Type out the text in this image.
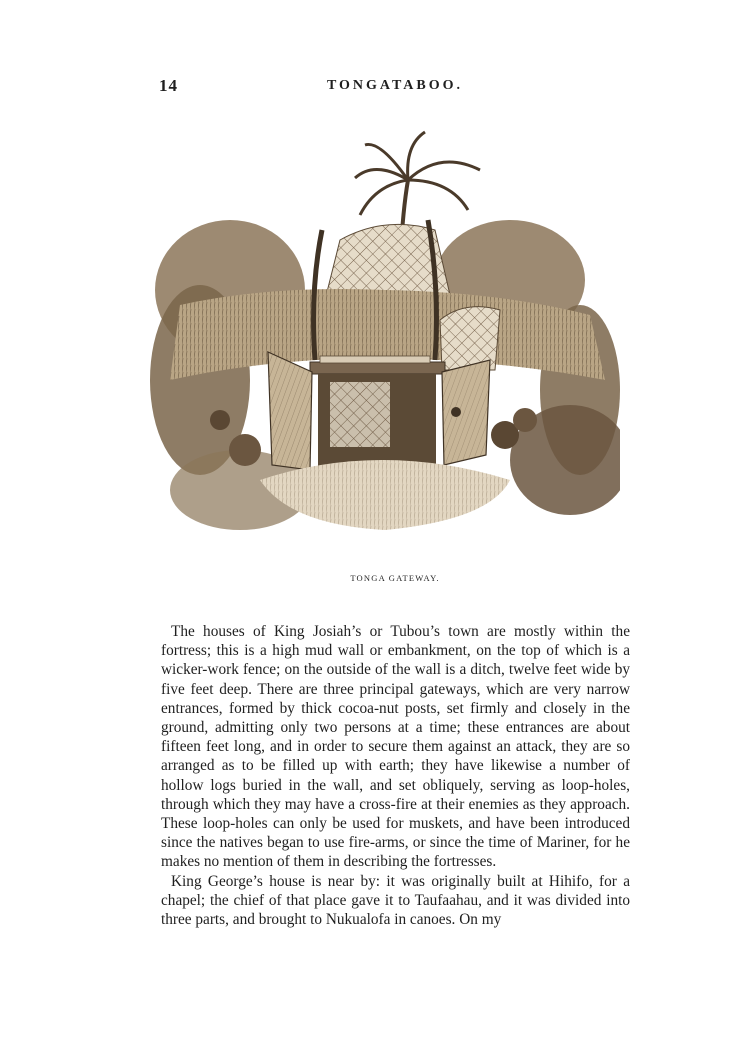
14	TONGATABOO.
TONGA GATEWAY.

The houses of King Josiah’s or Tubou’s town are mostly within the fortress; this is a high mud wall or embankment, on the top of which is a wicker-work fence; on the outside of the wall is a ditch, twelve feet wide by five feet deep. There are three principal gateways, which are very narrow entrances, formed by thick cocoa-nut posts, set firmly and closely in the ground, admitting only two persons at a time; these entrances are about fifteen feet long, and in order to secure them against an attack, they are so arranged as to be filled up with earth; they have likewise a number of hollow logs buried in the wall, and set obliquely, serving as loop-holes, through which they may have a cross-fire at their enemies as they approach. These loop-holes can only be used for muskets, and have been introduced since the natives began to use fire-arms, or since the time of Mariner, for he makes no mention of them in describing the fortresses.

King George’s house is near by: it was originally built at Hihifo, for a chapel; the chief of that place gave it to Taufaahau, and it was divided into three parts, and brought to Nukualofa in canoes. On my
